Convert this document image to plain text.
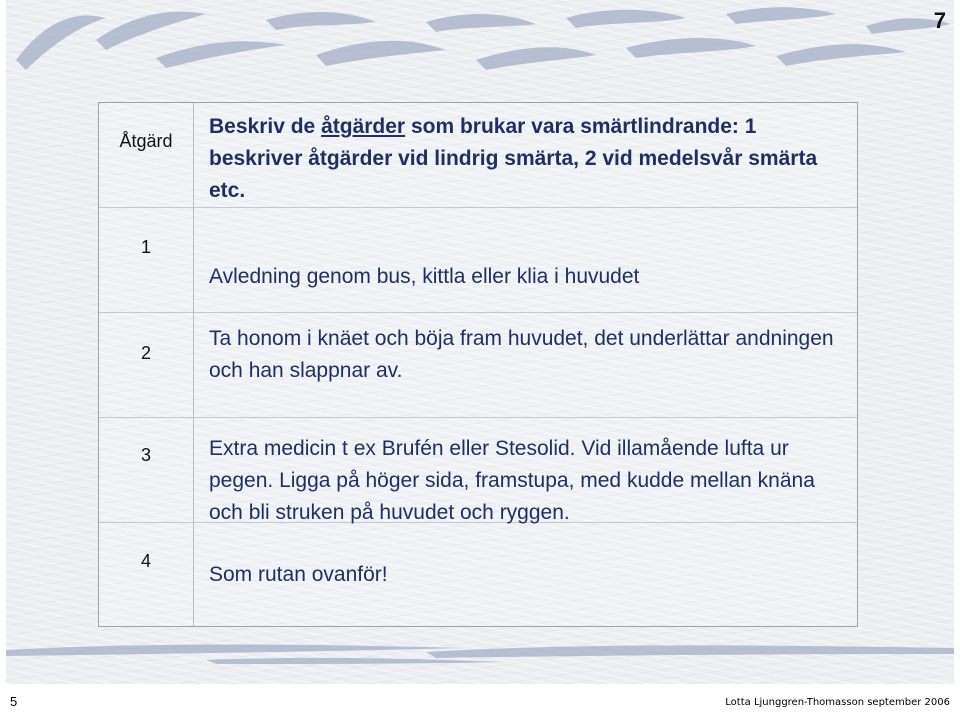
7
Åtgärd
Beskriv de åtgärder som brukar vara smärtlindrande: 1 beskriver åtgärder vid lindrig smärta, 2 vid medelsvår smärta etc.
1
Avledning genom bus, kittla eller klia i huvudet
2
Ta honom i knäet och böja fram huvudet, det underlättar andningen och han slappnar av.
3	Extra medicin t ex Brufén eller Stesolid. Vid illamående lufta ur pegen. Ligga på höger sida, framstupa, med kudde mellan knäna och bli struken på huvudet och ryggen.
4
Som rutan ovanför!
5	Lotta Ljunggren-Thomasson september 2006
